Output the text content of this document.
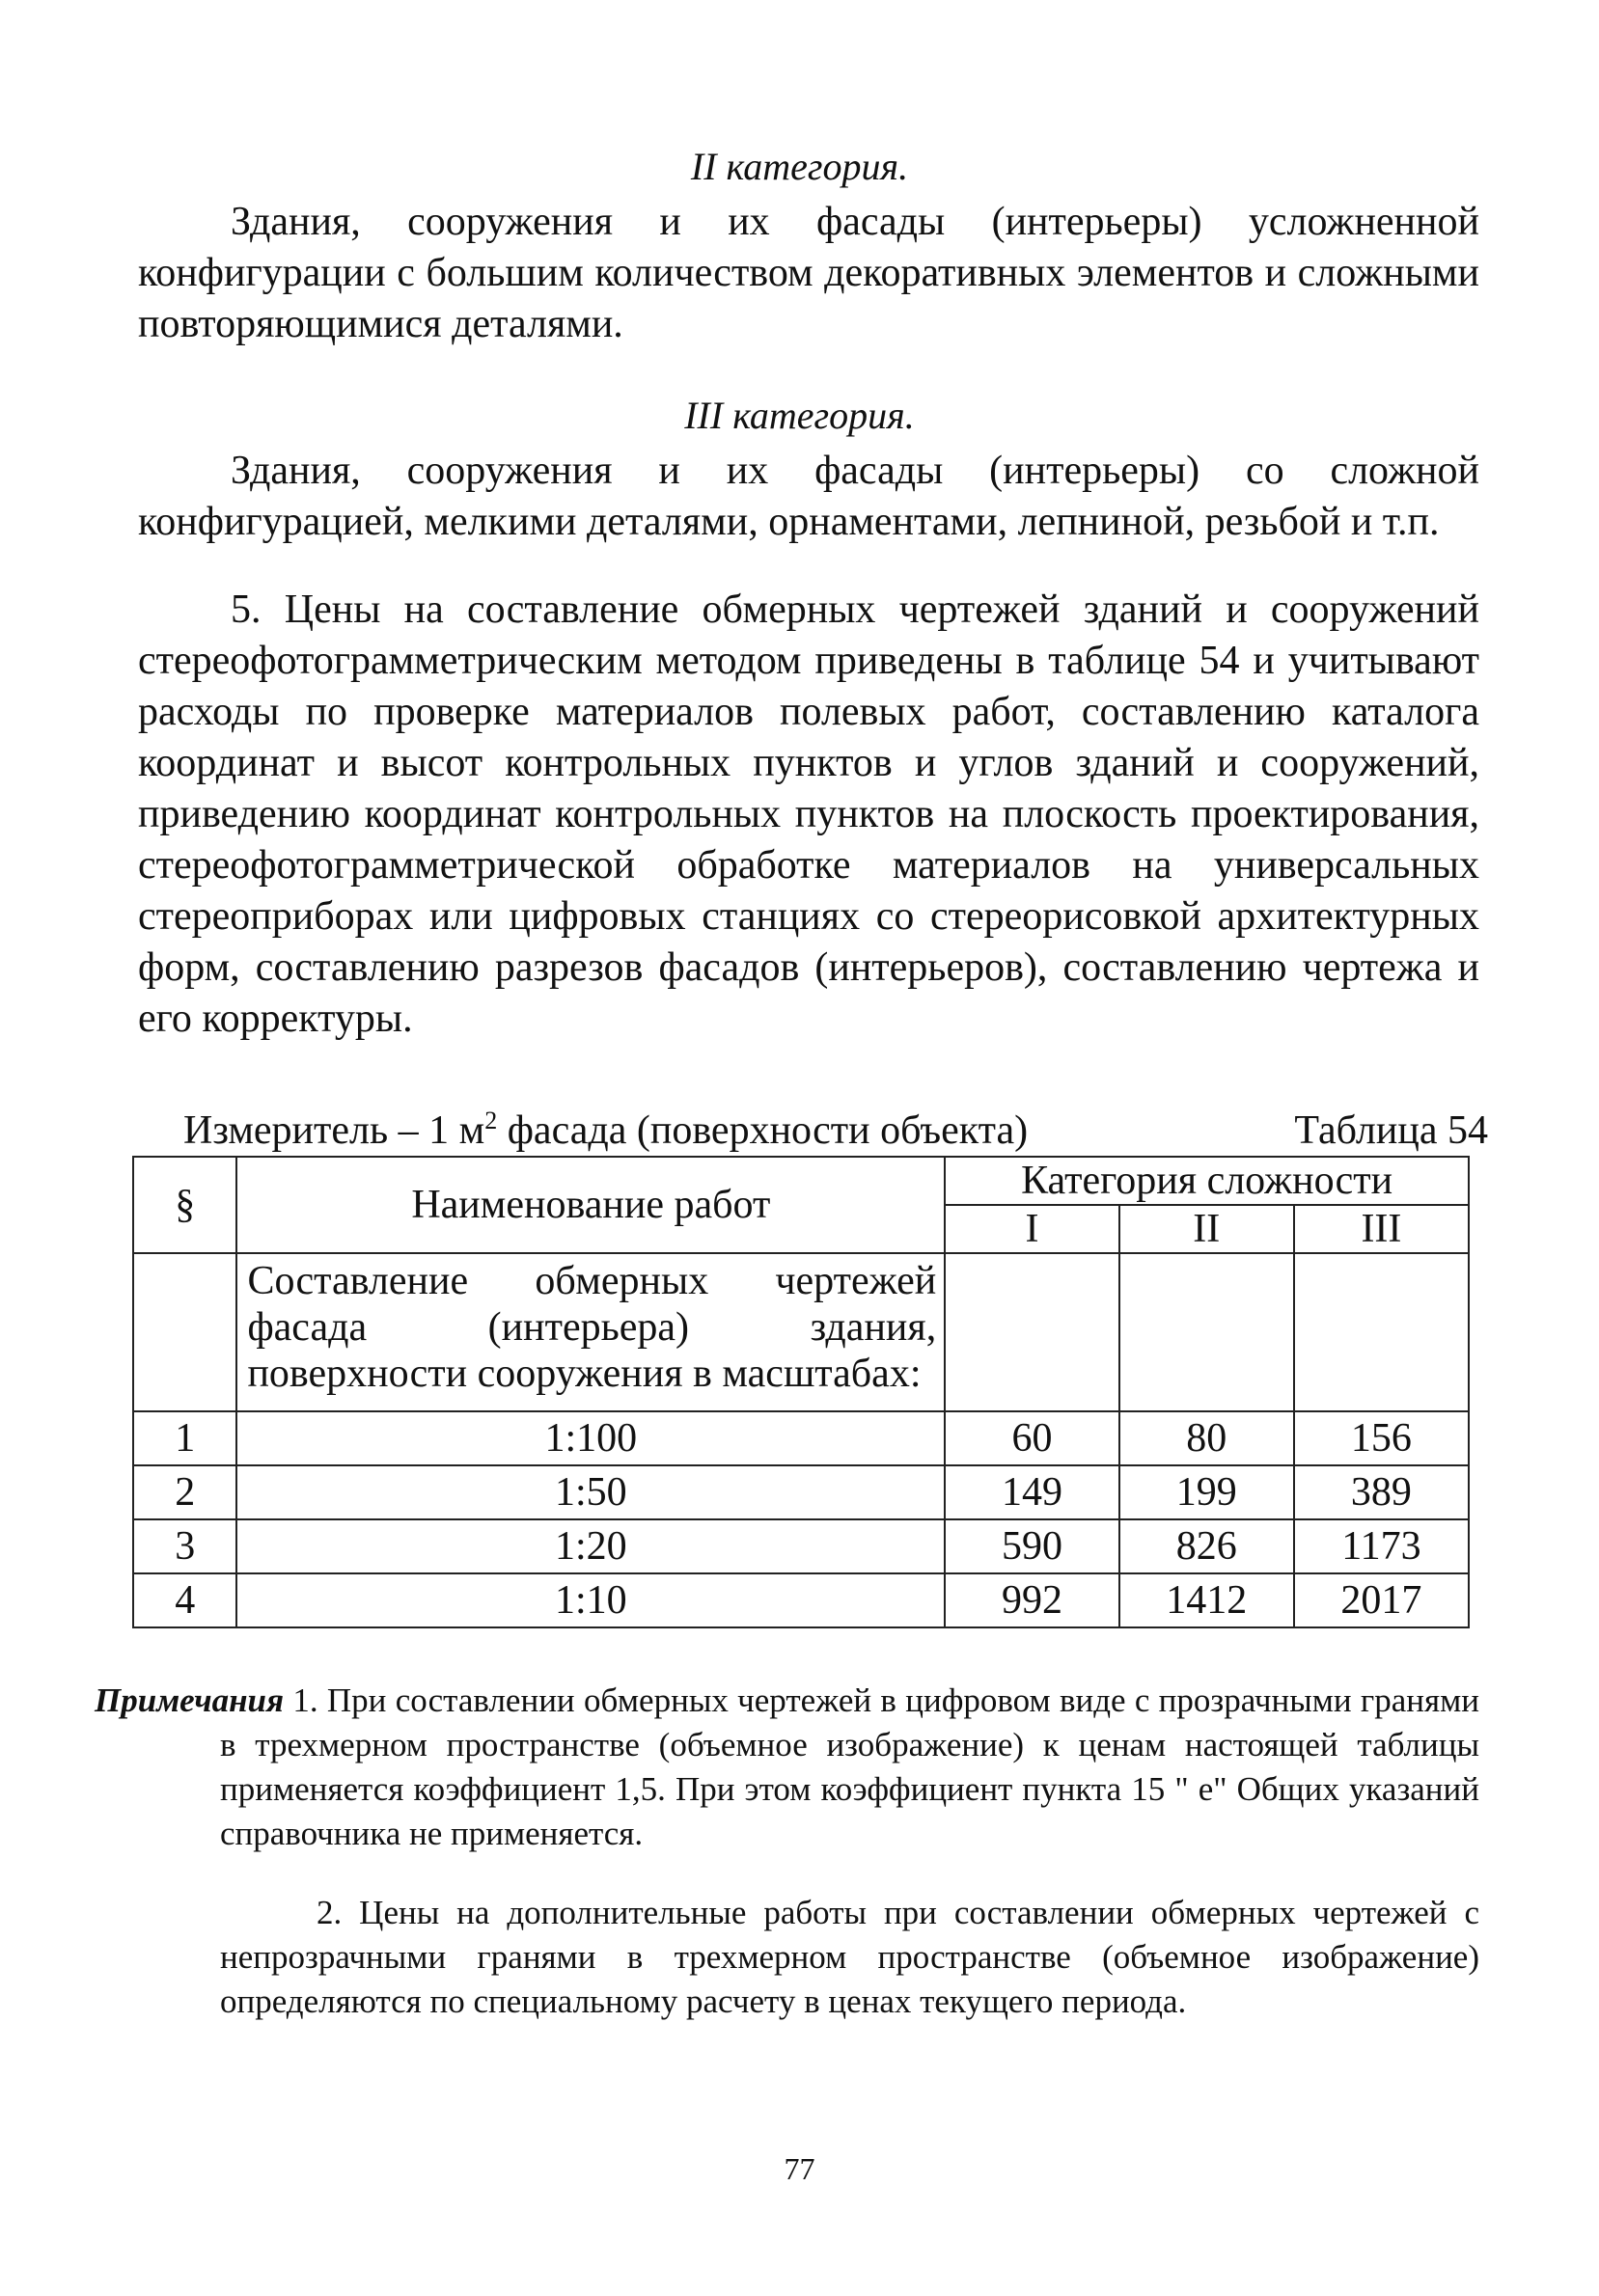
II категория.

Здания, сооружения и их фасады (интерьеры) усложненной конфигурации с большим количеством декоративных элементов и сложными повторяющимися деталями.

III категория.

Здания, сооружения и их фасады (интерьеры) со сложной конфигурацией, мелкими деталями, орнаментами, лепниной, резьбой и т.п.

5. Цены на составление обмерных чертежей зданий и сооружений стереофотограмметрическим методом приведены в таблице 54 и учитывают расходы по проверке материалов полевых работ, составлению каталога координат и высот контрольных пунктов и углов зданий и сооружений, приведению координат контрольных пунктов на плоскость проектирования, стереофотограмметрической обработке материалов на универсальных стереоприборах или цифровых станциях со стереорисовкой архитектурных форм, составлению разрезов фасадов (интерьеров), составлению чертежа и его корректуры.

Измеритель – 1 $м^2$ фасада (поверхности объекта)	Таблица 54
§	Наименование работ	Категория сложности		
		I	II	III
	Составление обмерных чертежей фасада (интерьера) здания, поверхности сооружения в масштабах:			
1	1:100	60	80	156
2	1:50	149	199	389
3	1:20	590	826	1173
4	1:10	992	1412	2017

Примечания 1. При составлении обмерных чертежей в цифровом виде с прозрачными гранями в трехмерном пространстве (объемное изображение) к ценам настоящей таблицы применяется коэффициент 1,5. При этом коэффициент пункта 15 " е" Общих указаний справочника не применяется.

2. Цены на дополнительные работы при составлении обмерных чертежей с непрозрачными гранями в трехмерном пространстве (объемное изображение) определяются по специальному расчету в ценах текущего периода.

77
